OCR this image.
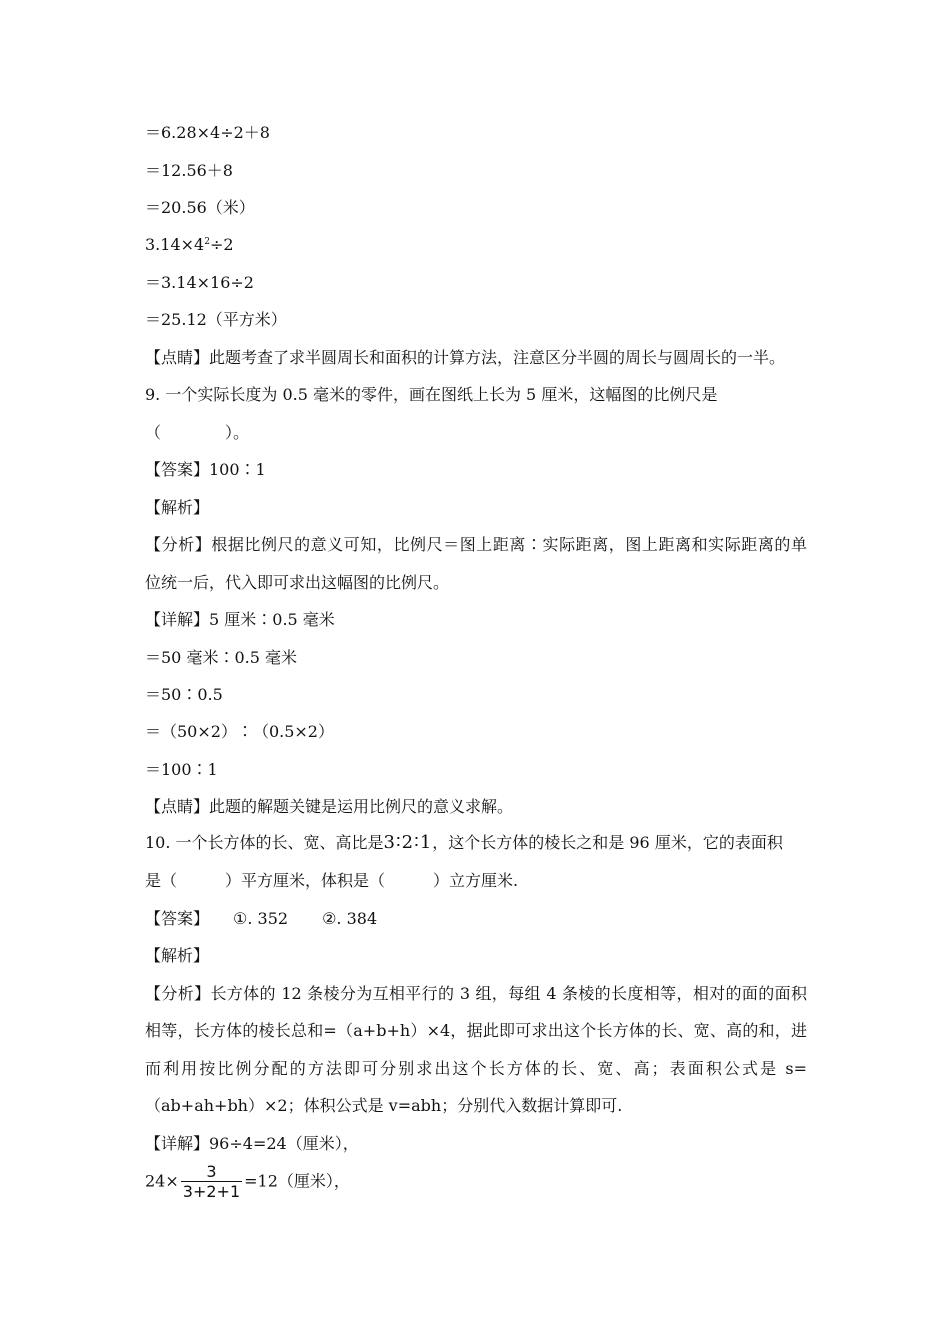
＝6.28×4÷2＋8
＝12.56＋8
＝20.56（米）
$3.14\times 4^2\div 2$
＝3.14×16÷2
＝25.12（平方米）
【点睛】此题考查了求半圆周长和面积的计算方法，注意区分半圆的周长与圆周长的一半。
9. 一个实际长度为 0.5 毫米的零件，画在图纸上长为 5 厘米，这幅图的比例尺是
（　　　　）。
【答案】100∶1
【解析】
【分析】根据比例尺的意义可知，比例尺＝图上距离∶实际距离，图上距离和实际距离的单
位统一后，代入即可求出这幅图的比例尺。
【详解】5 厘米∶0.5 毫米
＝50 毫米∶0.5 毫米
＝50∶0.5
＝（50×2）∶（0.5×2）
＝100∶1
【点睛】此题的解题关键是运用比例尺的意义求解。
10. 一个长方体的长、宽、高比是3∶2∶1，这个长方体的棱长之和是 96 厘米，它的表面积
是（　　　）平方厘米，体积是（　　　）立方厘米.
【答案】 ①. 352 ②. 384
【解析】
【分析】长方体的 12 条棱分为互相平行的 3 组，每组 4 条棱的长度相等，相对的面的面积
相等，长方体的棱长总和=（a+b+h）×4，据此即可求出这个长方体的长、宽、高的和，进
而利用按比例分配的方法即可分别求出这个长方体的长、宽、高；表面积公式是 s=
（ab+ah+bh）×2；体积公式是 v=abh；分别代入数据计算即可.
【详解】96÷4=24（厘米），
$24\times \frac{3}{3+2+1} =12$（厘米），
